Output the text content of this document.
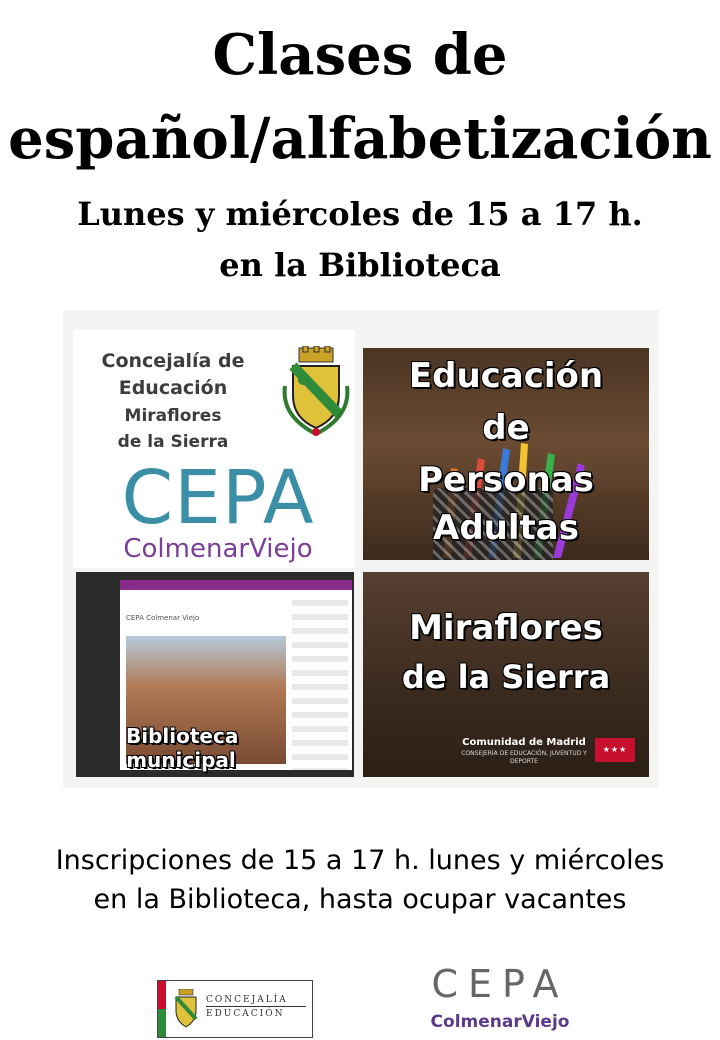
Clases de
español/alfabetización
Lunes y miércoles de 15 a 17 h.
en la Biblioteca
Concejalía de
Educación
Miraflores
de la Sierra
CEPA
ColmenarViejo
Educación
de
Personas
Adultas
CEPA Colmenar Viejo
Biblioteca
municipal
Miraflores
de la Sierra
Comunidad de Madrid
CONSEJERÍA DE EDUCACIÓN, JUVENTUD Y DEPORTE
★★★
Inscripciones de 15 a 17 h. lunes y miércoles
en la Biblioteca, hasta ocupar vacantes
CONCEJALÍA
EDUCACIÓN
CEPA
ColmenarViejo
